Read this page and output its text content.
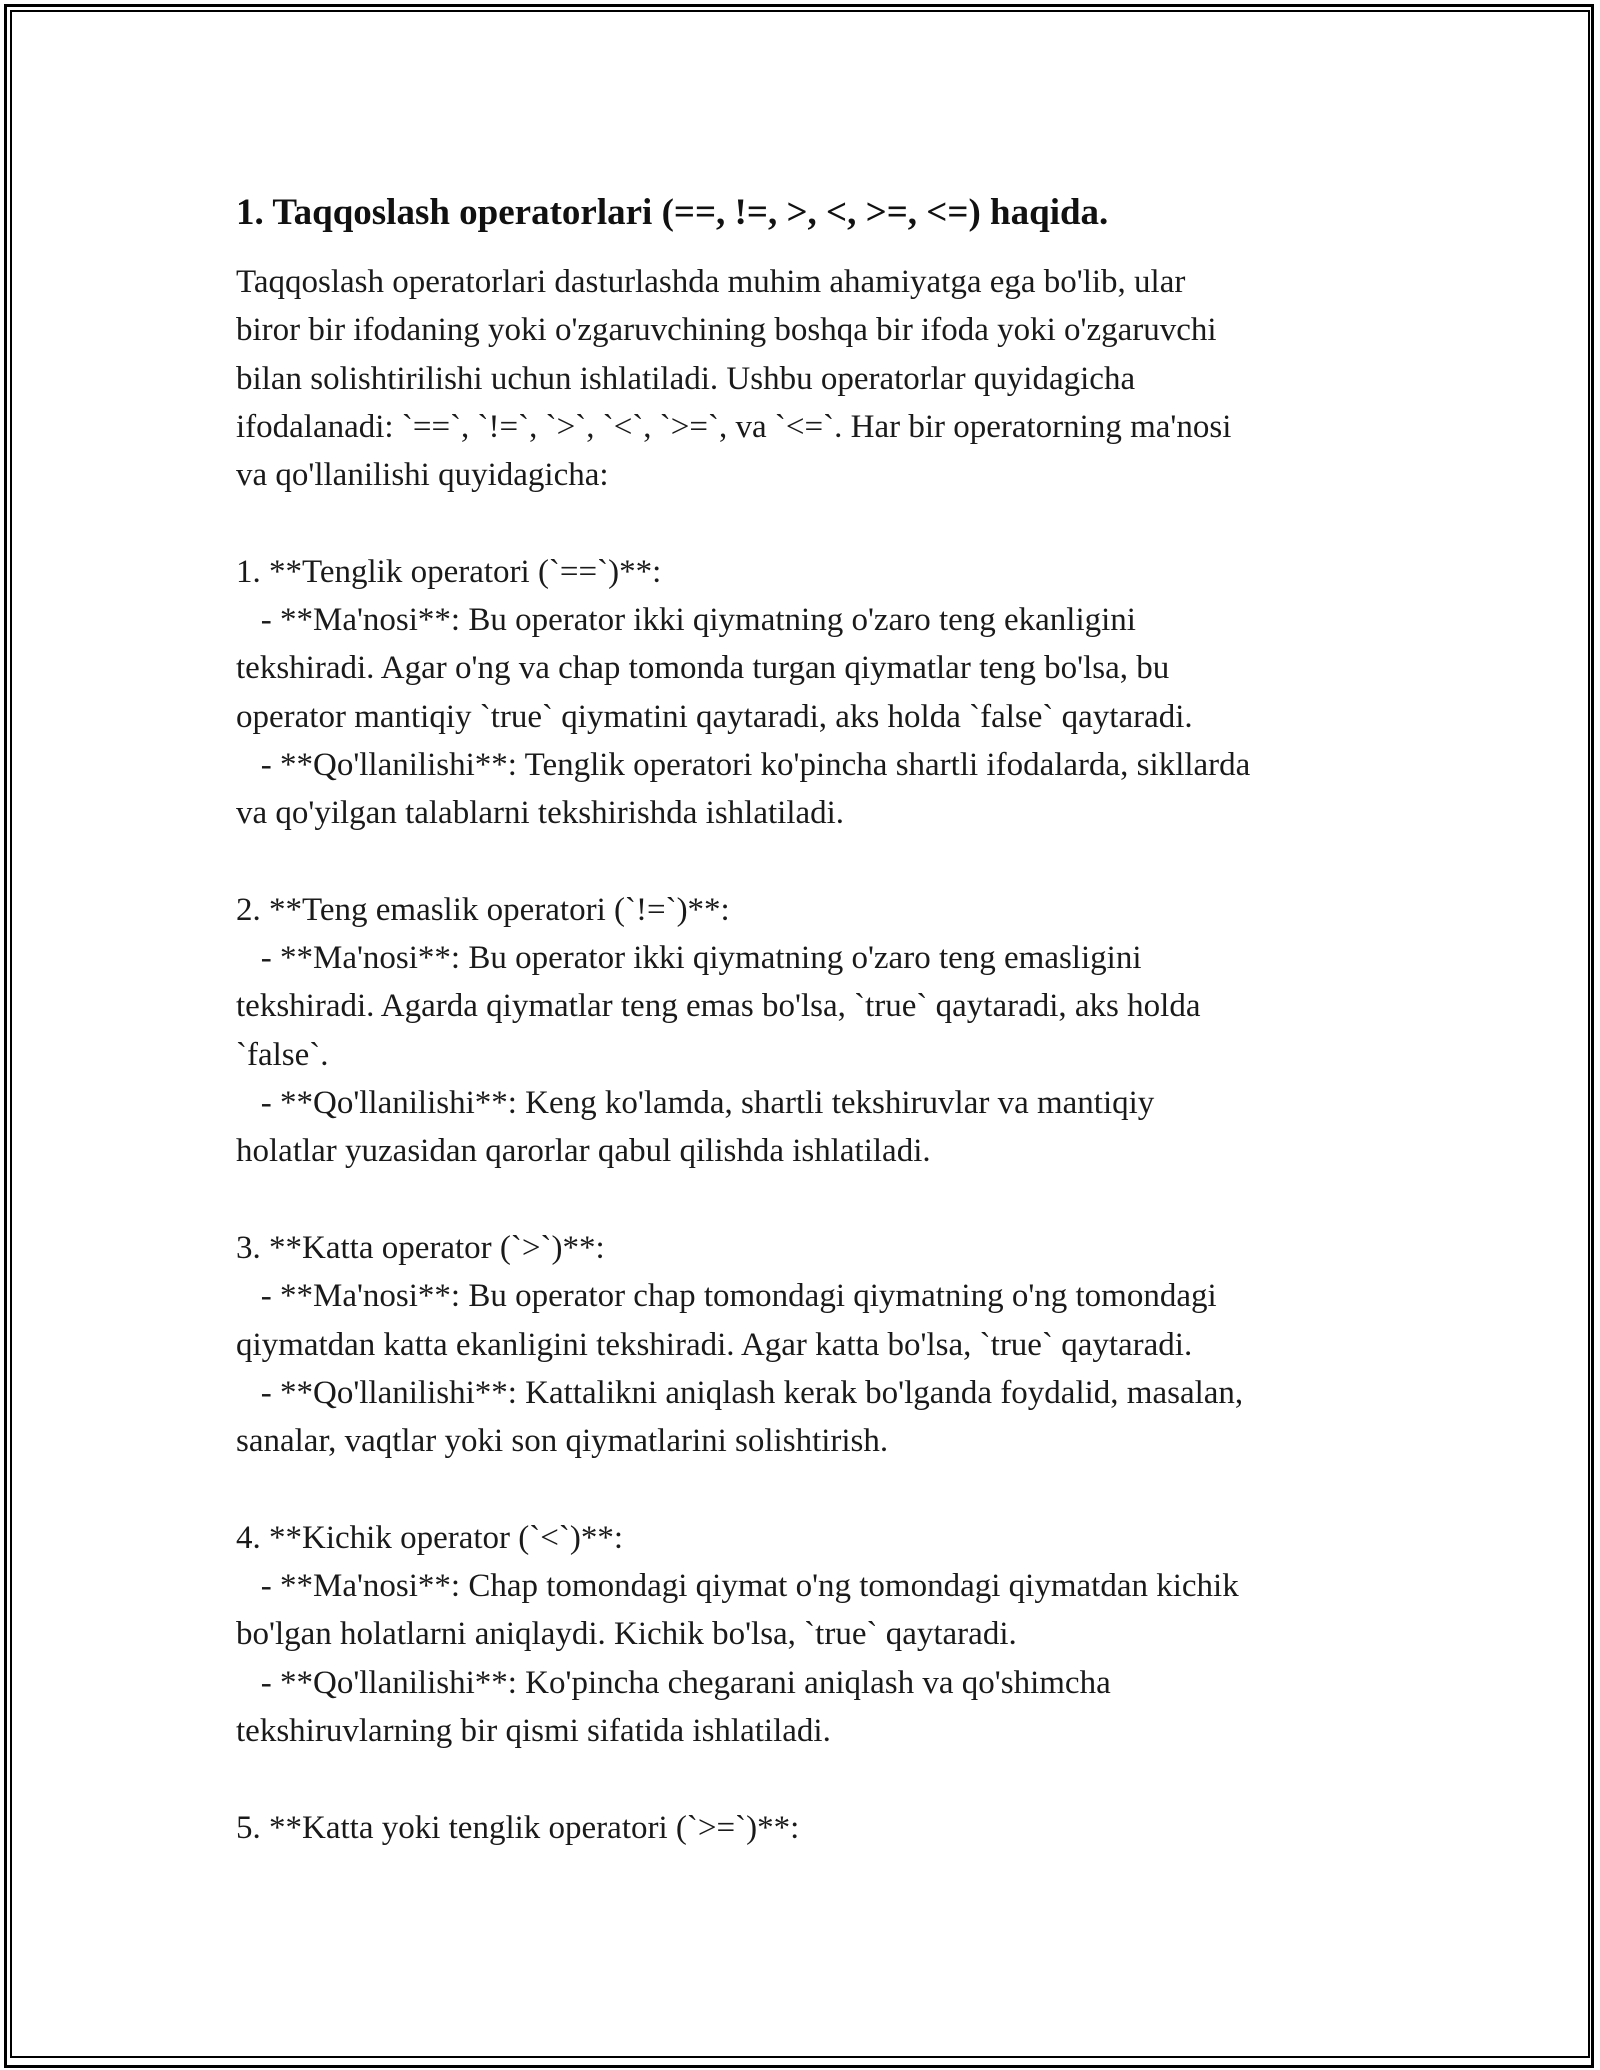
1. Taqqoslash operatorlari (==, !=, >, <, >=, <=) haqida.
Taqqoslash operatorlari dasturlashda muhim ahamiyatga ega bo'lib, ular
biror bir ifodaning yoki o'zgaruvchining boshqa bir ifoda yoki o'zgaruvchi
bilan solishtirilishi uchun ishlatiladi. Ushbu operatorlar quyidagicha
ifodalanadi: `==`, `!=`, `>`, `<`, `>=`, va `<=`. Har bir operatorning ma'nosi
va qo'llanilishi quyidagicha:
1. **Tenglik operatori (`==`)**:
- **Ma'nosi**: Bu operator ikki qiymatning o'zaro teng ekanligini
tekshiradi. Agar o'ng va chap tomonda turgan qiymatlar teng bo'lsa, bu
operator mantiqiy `true` qiymatini qaytaradi, aks holda `false` qaytaradi.
- **Qo'llanilishi**: Tenglik operatori ko'pincha shartli ifodalarda, sikllarda
va qo'yilgan talablarni tekshirishda ishlatiladi.
2. **Teng emaslik operatori (`!=`)**:
- **Ma'nosi**: Bu operator ikki qiymatning o'zaro teng emasligini
tekshiradi. Agarda qiymatlar teng emas bo'lsa, `true` qaytaradi, aks holda
`false`.
- **Qo'llanilishi**: Keng ko'lamda, shartli tekshiruvlar va mantiqiy
holatlar yuzasidan qarorlar qabul qilishda ishlatiladi.
3. **Katta operator (`>`)**:
- **Ma'nosi**: Bu operator chap tomondagi qiymatning o'ng tomondagi
qiymatdan katta ekanligini tekshiradi. Agar katta bo'lsa, `true` qaytaradi.
- **Qo'llanilishi**: Kattalikni aniqlash kerak bo'lganda foydalid, masalan,
sanalar, vaqtlar yoki son qiymatlarini solishtirish.
4. **Kichik operator (`<`)**:
- **Ma'nosi**: Chap tomondagi qiymat o'ng tomondagi qiymatdan kichik
bo'lgan holatlarni aniqlaydi. Kichik bo'lsa, `true` qaytaradi.
- **Qo'llanilishi**: Ko'pincha chegarani aniqlash va qo'shimcha
tekshiruvlarning bir qismi sifatida ishlatiladi.
5. **Katta yoki tenglik operatori (`>=`)**:
